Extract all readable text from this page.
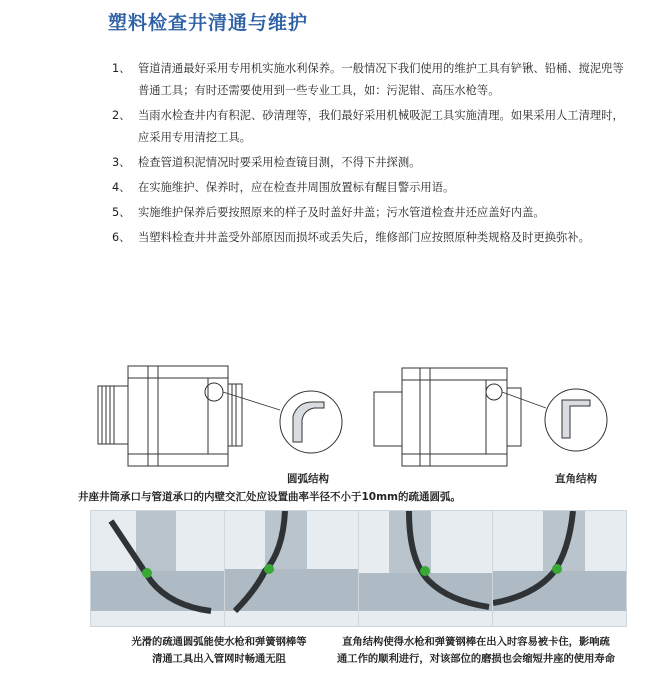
塑料检查井清通与维护
1、 管道清通最好采用专用机实施水利保养。一般情况下我们使用的维护工具有铲锹、铅桶、搅泥兜等普通工具；有时还需要使用到一些专业工具，如：污泥钳、高压水枪等。
2、 当雨水检查井内有积泥、砂清理等，我们最好采用机械吸泥工具实施清理。如果采用人工清理时，应采用专用清挖工具。
3、 检查管道积泥情况时要采用检查镜目测，不得下井探测。
4、 在实施维护、保养时，应在检查井周围放置标有醒目警示用语。
5、 实施维护保养后要按照原来的样子及时盖好井盖；污水管道检查井还应盖好内盖。
6、 当塑料检查井井盖受外部原因而损坏或丢失后，维修部门应按照原种类规格及时更换弥补。
圆弧结构	直角结构
井座井筒承口与管道承口的内壁交汇处应设置曲率半径不小于10mm的疏通圆弧。
光滑的疏通圆弧能使水枪和弹簧钢棒等
清通工具出入管网时畅通无阻
直角结构使得水枪和弹簧钢棒在出入时容易被卡住，影响疏
通工作的顺利进行，对该部位的磨损也会缩短井座的使用寿命
